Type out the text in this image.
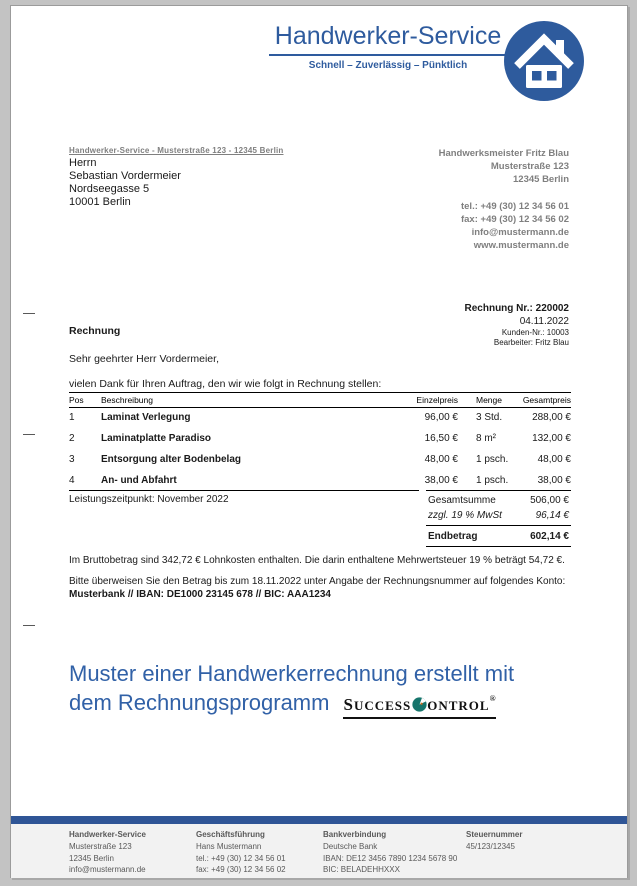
Handwerker-Service
Schnell – Zuverlässig – Pünktlich
Handwerker-Service - Musterstraße 123 - 12345 Berlin
Herrn
Sebastian Vordermeier
Nordseegasse 5
10001 Berlin
Handwerksmeister Fritz Blau
Musterstraße 123
12345 Berlin
tel.: +49 (30) 12 34 56 01
fax: +49 (30) 12 34 56 02
info@mustermann.de
www.mustermann.de
Rechnung Nr.: 220002
04.11.2022
Kunden-Nr.: 10003
Bearbeiter: Fritz Blau
Rechnung
Sehr geehrter Herr Vordermeier,
vielen Dank für Ihren Auftrag, den wir wie folgt in Rechnung stellen:
Pos	Beschreibung	Einzelpreis	Menge	Gesamtpreis
1	Laminat Verlegung	96,00 €	3 Std.	288,00 €
2	Laminatplatte Paradiso	16,50 €	8 m²	132,00 €
3	Entsorgung alter Bodenbelag	48,00 €	1 psch.	48,00 €
4	An- und Abfahrt	38,00 €	1 psch.	38,00 €
Leistungszeitpunkt: November 2022	Gesamtsumme	506,00 €
zzgl. 19 % MwSt	96,14 €
Endbetrag	602,14 €
Im Bruttobetrag sind 342,72 € Lohnkosten enthalten. Die darin enthaltene Mehrwertsteuer 19 % beträgt 54,72 €.
Bitte überweisen Sie den Betrag bis zum 18.11.2022 unter Angabe der Rechnungsnummer auf folgendes Konto:
Musterbank // IBAN: DE1000 23145 678 // BIC: AAA1234
Muster einer Handwerkerrechnung erstellt mit
dem Rechnungsprogramm SUCCESS ONTROL®
Handwerker-Service
Musterstraße 123
12345 Berlin
info@mustermann.de
Geschäftsführung
Hans Mustermann
tel.: +49 (30) 12 34 56 01
fax: +49 (30) 12 34 56 02
Bankverbindung
Deutsche Bank
IBAN: DE12 3456 7890 1234 5678 90
BIC: BELADEHHXXX
Steuernummer
45/123/12345
